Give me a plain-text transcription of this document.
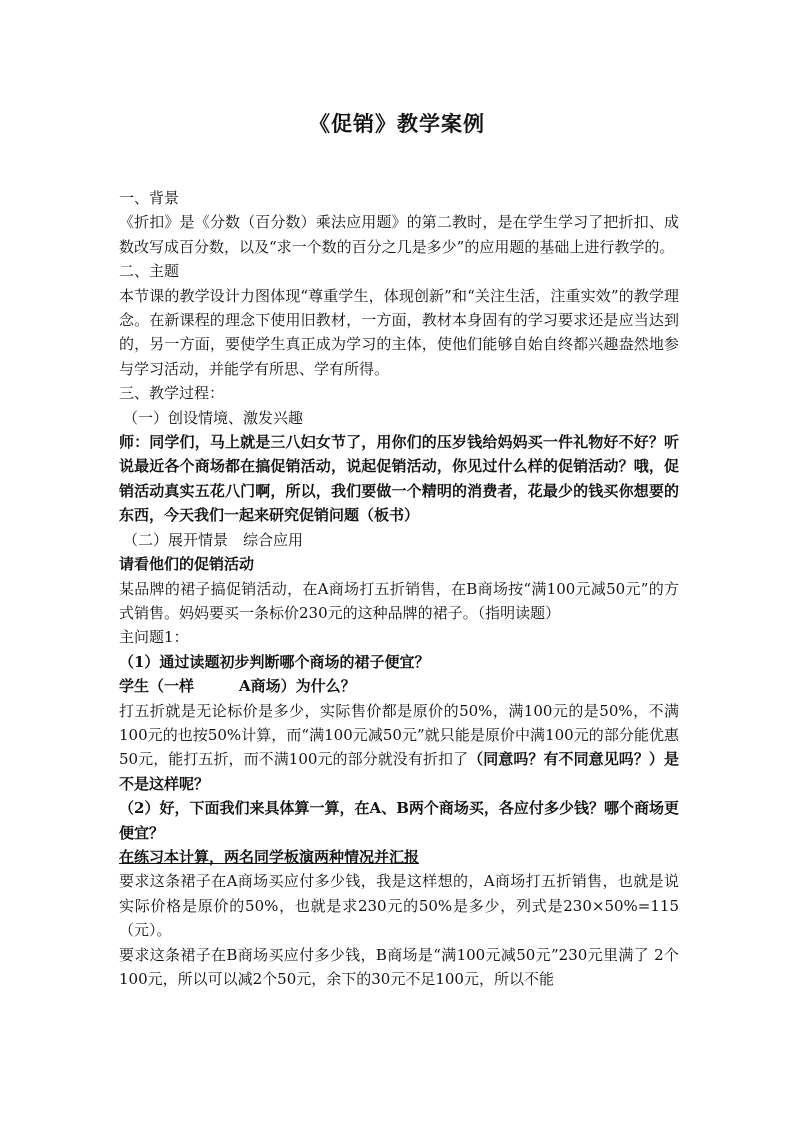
《促销》教学案例

一、背景

《折扣》是《分数（百分数）乘法应用题》的第二教时，是在学生学习了把折扣、成数改写成百分数，以及“求一个数的百分之几是多少”的应用题的基础上进行教学的。

二、主题

本节课的教学设计力图体现“尊重学生，体现创新”和“关注生活，注重实效”的教学理念。在新课程的理念下使用旧教材，一方面，教材本身固有的学习要求还是应当达到的，另一方面，要使学生真正成为学习的主体，使他们能够自始自终都兴趣盎然地参与学习活动，并能学有所思、学有所得。

三、教学过程：

（一）创设情境、激发兴趣

师：同学们，马上就是三八妇女节了，用你们的压岁钱给妈妈买一件礼物好不好？听说最近各个商场都在搞促销活动，说起促销活动，你见过什么样的促销活动？哦，促销活动真实五花八门啊，所以，我们要做一个精明的消费者，花最少的钱买你想要的东西，今天我们一起来研究促销问题（板书）

（二）展开情景　综合应用

请看他们的促销活动

某品牌的裙子搞促销活动，在A商场打五折销售，在B商场按“满100元减50元”的方式销售。妈妈要买一条标价230元的这种品牌的裙子。（指明读题）

主问题1：

（1）通过读题初步判断哪个商场的裙子便宜？

学生（一样　　　A商场）为什么？

打五折就是无论标价是多少，实际售价都是原价的50%，满100元的是50%，不满100元的也按50%计算，而“满100元减50元”就只能是原价中满100元的部分能优惠50元，能打五折，而不满100元的部分就没有折扣了（同意吗？有不同意见吗？）是不是这样呢？

（2）好，下面我们来具体算一算，在A、B两个商场买，各应付多少钱？哪个商场更便宜？

在练习本计算，两名同学板演两种情况并汇报

要求这条裙子在A商场买应付多少钱，我是这样想的，A商场打五折销售，也就是说实际价格是原价的50%，也就是求230元的50%是多少，列式是230×50%=115（元）。

要求这条裙子在B商场买应付多少钱，B商场是“满100元减50元”230元里满了 2个100元，所以可以减2个50元，余下的30元不足100元，所以不能
